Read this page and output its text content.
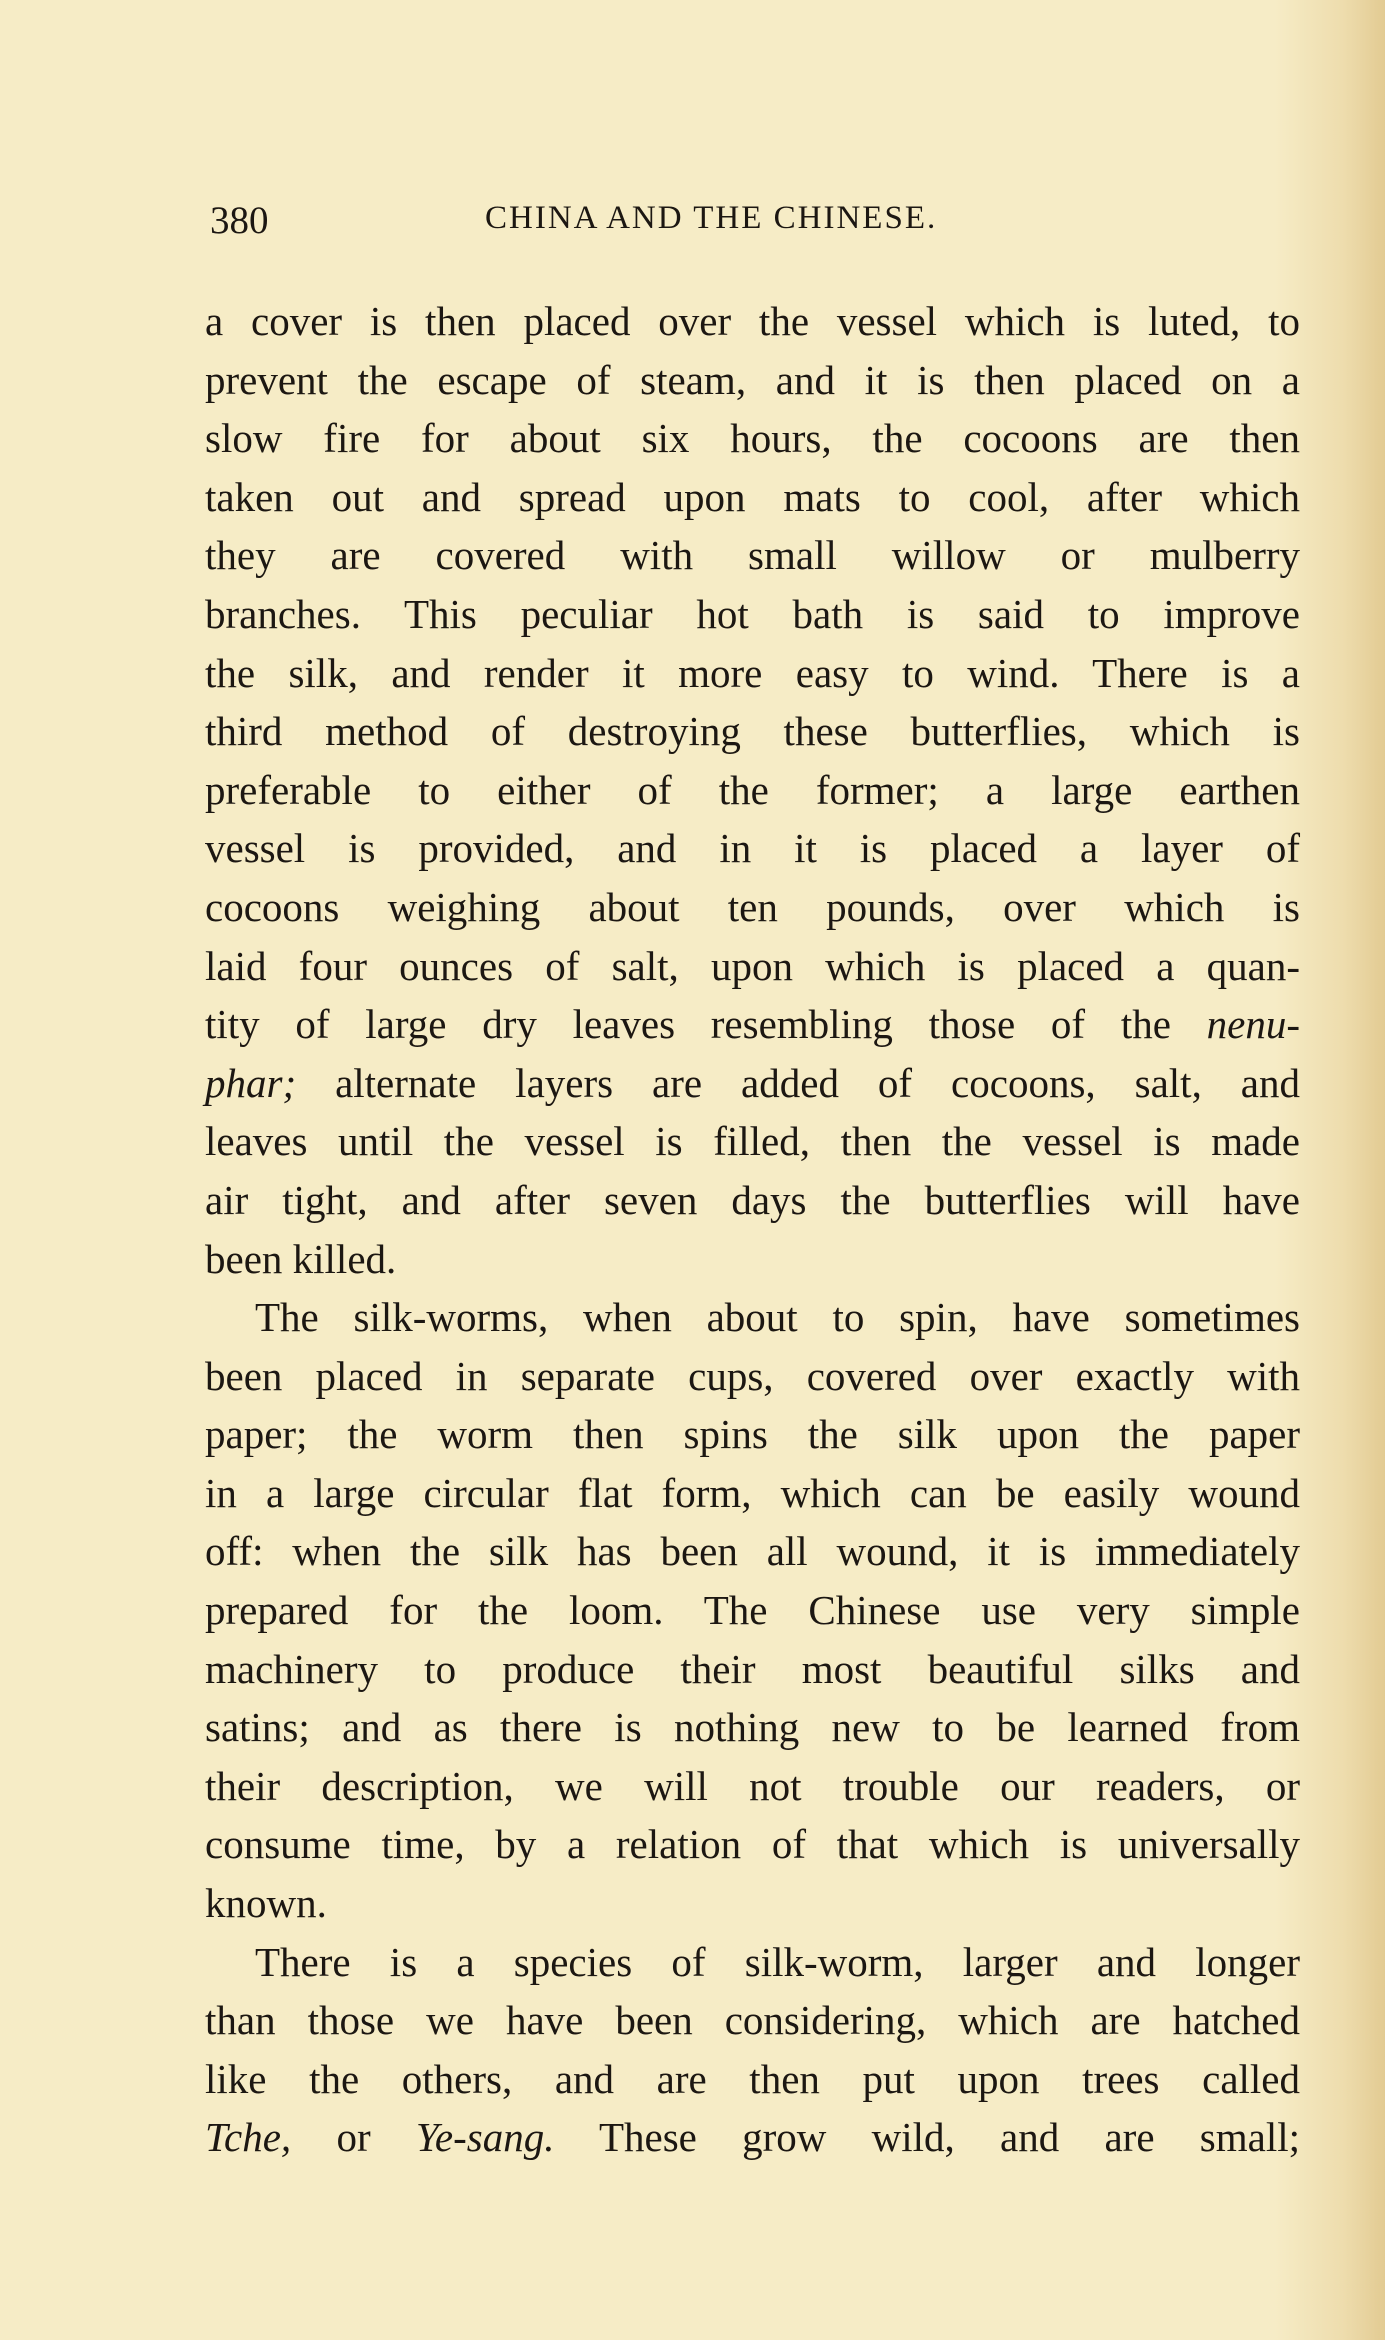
380	CHINA AND THE CHINESE.
a cover is then placed over the vessel which is luted, to
prevent the escape of steam, and it is then placed on a
slow fire for about six hours, the cocoons are then
taken out and spread upon mats to cool, after which
they are covered with small willow or mulberry
branches. This peculiar hot bath is said to improve
the silk, and render it more easy to wind. There is a
third method of destroying these butterflies, which is
preferable to either of the former; a large earthen
vessel is provided, and in it is placed a layer of
cocoons weighing about ten pounds, over which is
laid four ounces of salt, upon which is placed a quan-
tity of large dry leaves resembling those of the nenu-
phar; alternate layers are added of cocoons, salt, and
leaves until the vessel is filled, then the vessel is made
air tight, and after seven days the butterflies will have
been killed.
The silk-worms, when about to spin, have sometimes
been placed in separate cups, covered over exactly with
paper; the worm then spins the silk upon the paper
in a large circular flat form, which can be easily wound
off: when the silk has been all wound, it is immediately
prepared for the loom. The Chinese use very simple
machinery to produce their most beautiful silks and
satins; and as there is nothing new to be learned from
their description, we will not trouble our readers, or
consume time, by a relation of that which is universally
known.
There is a species of silk-worm, larger and longer
than those we have been considering, which are hatched
like the others, and are then put upon trees called
Tche, or Ye-sang. These grow wild, and are small;
